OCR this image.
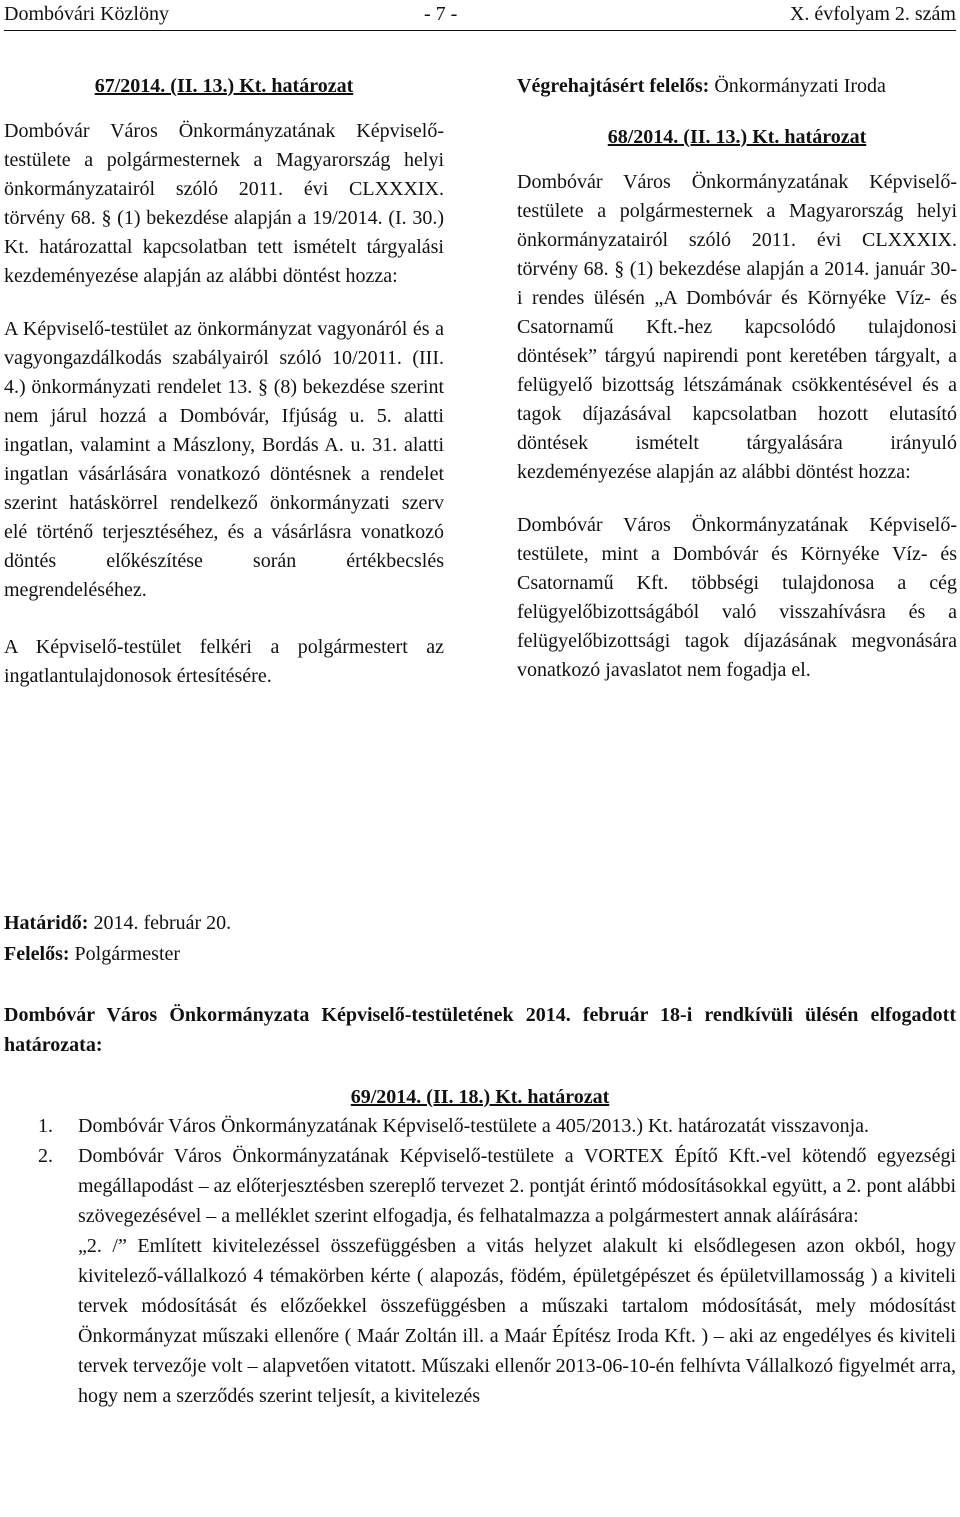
Dombóvári Közlöny	- 7 -	X. évfolyam 2. szám
67/2014. (II. 13.) Kt. határozat

Dombóvár Város Önkormányzatának Képviselő-testülete a polgármesternek a Magyarország helyi önkormányzatairól szóló 2011. évi CLXXXIX. törvény 68. § (1) bekezdése alapján a 19/2014. (I. 30.) Kt. határozattal kapcsolatban tett ismételt tárgyalási kezdeményezése alapján az alábbi döntést hozza:

A Képviselő-testület az önkormányzat vagyonáról és a vagyongazdálkodás szabályairól szóló 10/2011. (III. 4.) önkormányzati rendelet 13. § (8) bekezdése szerint nem járul hozzá a Dombóvár, Ifjúság u. 5. alatti ingatlan, valamint a Mászlony, Bordás A. u. 31. alatti ingatlan vásárlására vonatkozó döntésnek a rendelet szerint hatáskörrel rendelkező önkormányzati szerv elé történő terjesztéséhez, és a vásárlásra vonatkozó döntés előkészítése során értékbecslés megrendeléséhez.

A Képviselő-testület felkéri a polgármestert az ingatlantulajdonosok értesítésére.

Határidő: 2014. február 20.
Felelős: Polgármester

Végrehajtásért felelős: Önkormányzati Iroda

68/2014. (II. 13.) Kt. határozat

Dombóvár Város Önkormányzatának Képviselő-testülete a polgármesternek a Magyarország helyi önkormányzatairól szóló 2011. évi CLXXXIX. törvény 68. § (1) bekezdése alapján a 2014. január 30-i rendes ülésén „A Dombóvár és Környéke Víz- és Csatornamű Kft.-hez kapcsolódó tulajdonosi döntések” tárgyú napirendi pont keretében tárgyalt, a felügyelő bizottság létszámának csökkentésével és a tagok díjazásával kapcsolatban hozott elutasító döntések ismételt tárgyalására irányuló kezdeményezése alapján az alábbi döntést hozza:

Dombóvár Város Önkormányzatának Képviselő-testülete, mint a Dombóvár és Környéke Víz- és Csatornamű Kft. többségi tulajdonosa a cég felügyelőbizottságából való visszahívásra és a felügyelőbizottsági tagok díjazásának megvonására vonatkozó javaslatot nem fogadja el.

Dombóvár Város Önkormányzata Képviselő-testületének 2014. február 18-i rendkívüli ülésén elfogadott határozata:
69/2014. (II. 18.) Kt. határozat
1. Dombóvár Város Önkormányzatának Képviselő-testülete a 405/2013.) Kt. határozatát visszavonja.
2. Dombóvár Város Önkormányzatának Képviselő-testülete a VORTEX Építő Kft.-vel kötendő egyezségi megállapodást – az előterjesztésben szereplő tervezet 2. pontját érintő módosításokkal együtt, a 2. pont alábbi szövegezésével – a melléklet szerint elfogadja, és felhatalmazza a polgármestert annak aláírására:
„2. /” Említett kivitelezéssel összefüggésben a vitás helyzet alakult ki elsődlegesen azon okból, hogy kivitelező-vállalkozó 4 témakörben kérte ( alapozás, födém, épületgépészet és épületvillamosság ) a kiviteli tervek módosítását és előzőekkel összefüggésben a műszaki tartalom módosítását, mely módosítást Önkormányzat műszaki ellenőre ( Maár Zoltán ill. a Maár Építész Iroda Kft. ) – aki az engedélyes és kiviteli tervek tervezője volt – alapvetően vitatott. Műszaki ellenőr 2013-06-10-én felhívta Vállalkozó figyelmét arra, hogy nem a szerződés szerint teljesít, a kivitelezés
